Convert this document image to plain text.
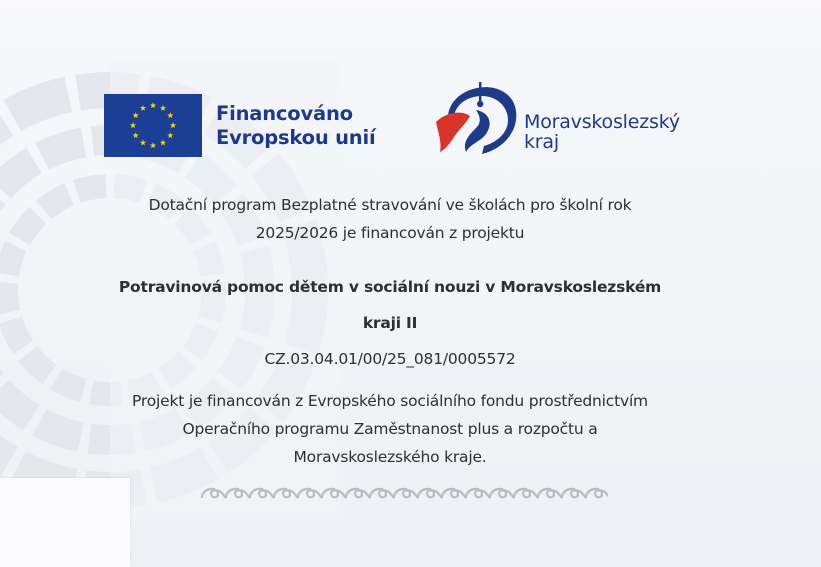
Financováno
Evropskou unií
Moravskoslezský
kraj
Dotační program Bezplatné stravování ve školách pro školní rok
2025/2026 je financován z projektu
Potravinová pomoc dětem v sociální nouzi v Moravskoslezském
kraji II
CZ.03.04.01/00/25_081/0005572
Projekt je financován z Evropského sociálního fondu prostřednictvím
Operačního programu Zaměstnanost plus a rozpočtu a
Moravskoslezského kraje.
